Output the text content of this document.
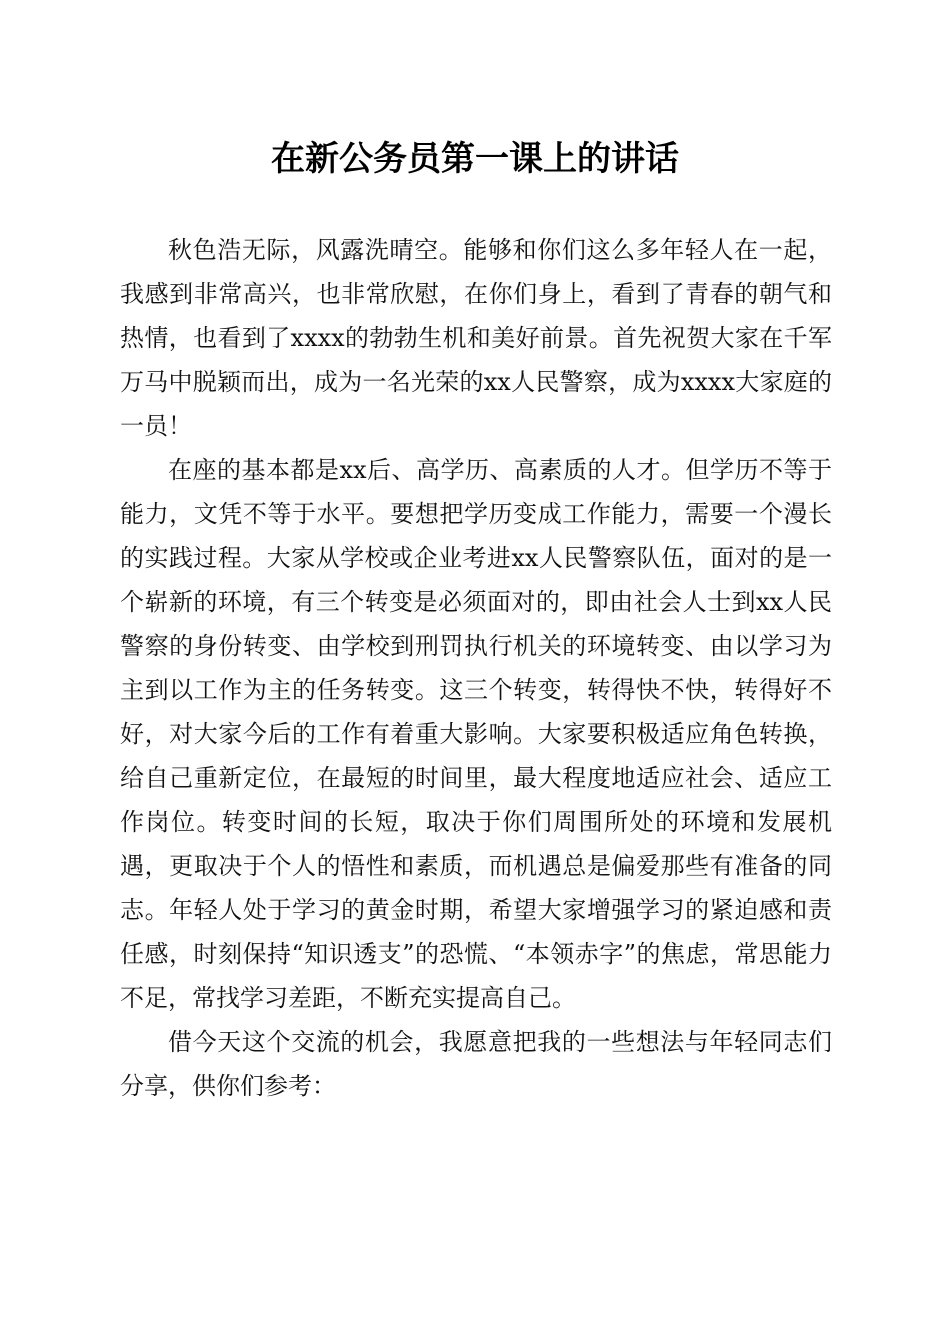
在新公务员第一课上的讲话

秋色浩无际，风露洗晴空。能够和你们这么多年轻人在一起，我感到非常高兴，也非常欣慰，在你们身上，看到了青春的朝气和热情，也看到了xxxx的勃勃生机和美好前景。首先祝贺大家在千军万马中脱颖而出，成为一名光荣的xx人民警察，成为xxxx大家庭的一员！

在座的基本都是xx后、高学历、高素质的人才。但学历不等于能力，文凭不等于水平。要想把学历变成工作能力，需要一个漫长的实践过程。大家从学校或企业考进xx人民警察队伍，面对的是一个崭新的环境，有三个转变是必须面对的，即由社会人士到xx人民警察的身份转变、由学校到刑罚执行机关的环境转变、由以学习为主到以工作为主的任务转变。这三个转变，转得快不快，转得好不好，对大家今后的工作有着重大影响。大家要积极适应角色转换，给自己重新定位，在最短的时间里，最大程度地适应社会、适应工作岗位。转变时间的长短，取决于你们周围所处的环境和发展机遇，更取决于个人的悟性和素质，而机遇总是偏爱那些有准备的同志。年轻人处于学习的黄金时期，希望大家增强学习的紧迫感和责任感，时刻保持“知识透支”的恐慌、“本领赤字”的焦虑，常思能力不足，常找学习差距，不断充实提高自己。

借今天这个交流的机会，我愿意把我的一些想法与年轻同志们分享，供你们参考：
